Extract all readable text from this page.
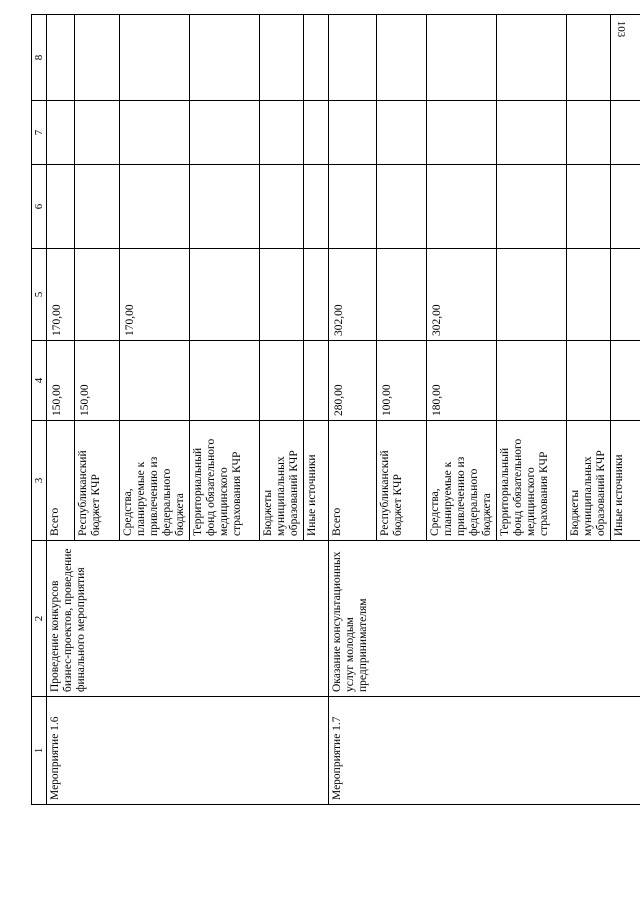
103
1	2	3	4	5	6	7	8
Мероприятие 1.6	Проведение конкурсов бизнес-проектов, проведение финального мероприятия	Всего	150,00	170,00			
		Республиканский бюджет КЧР	150,00				
		Средства, планируемые к привлечению из федерального бюджета		170,00			
		Территориальный фонд обязательного медицинского страхования КЧР					
		Бюджеты муниципальных образований КЧР					
		Иные источники					
Мероприятие 1.7	Оказание консультационных услуг молодым предпринимателям	Всего	280,00	302,00			
		Республиканский бюджет КЧР	100,00				
		Средства, планируемые к привлечению из федерального бюджета	180,00	302,00			
		Территориальный фонд обязательного медицинского страхования КЧР					
		Бюджеты муниципальных образований КЧР					
		Иные источники					
